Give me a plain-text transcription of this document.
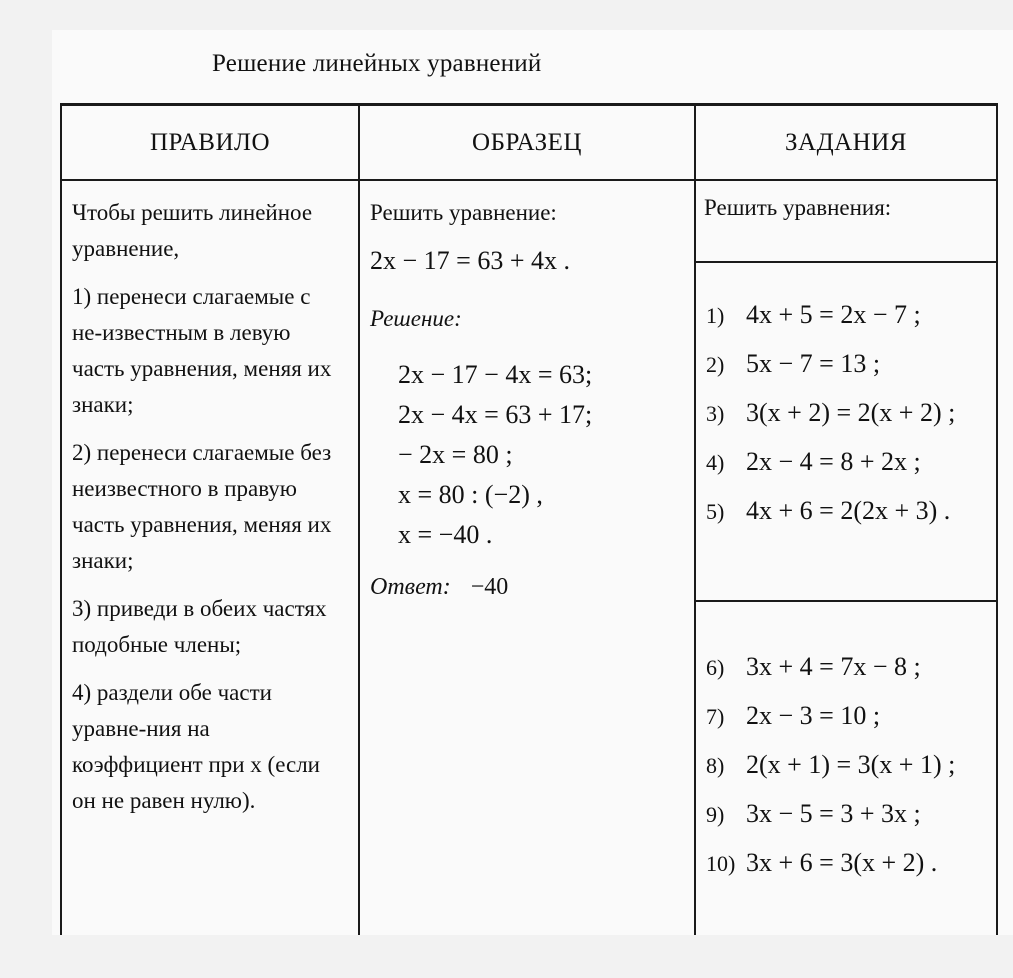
Решение линейных уравнений
ПРАВИЛО	ОБРАЗЕЦ	ЗАДАНИЯ

Чтобы решить линейное уравнение,

1) перенеси слагаемые с не-известным в левую часть уравнения, меняя их знаки;

2) перенеси слагаемые без неизвестного в правую часть уравнения, меняя их знаки;

3) приведи в обеих частях подобные члены;

4) раздели обе части уравне-ния на коэффициент при x (если он не равен нулю).

Решить уравнение:
2x − 17 = 63 + 4x .
Решение:
2x − 17 − 4x = 63;
2x − 4x = 63 + 17;
− 2x = 80 ;
x = 80 : (−2) ,
x = −40 .
Ответ: −40
Решить уравнения:
1) 4x + 5 = 2x − 7 ;
2) 5x − 7 = 13 ;
3) 3(x + 2) = 2(x + 2) ;
4) 2x − 4 = 8 + 2x ;
5) 4x + 6 = 2(2x + 3) .
6) 3x + 4 = 7x − 8 ;
7) 2x − 3 = 10 ;
8) 2(x + 1) = 3(x + 1) ;
9) 3x − 5 = 3 + 3x ;
10) 3x + 6 = 3(x + 2) .
